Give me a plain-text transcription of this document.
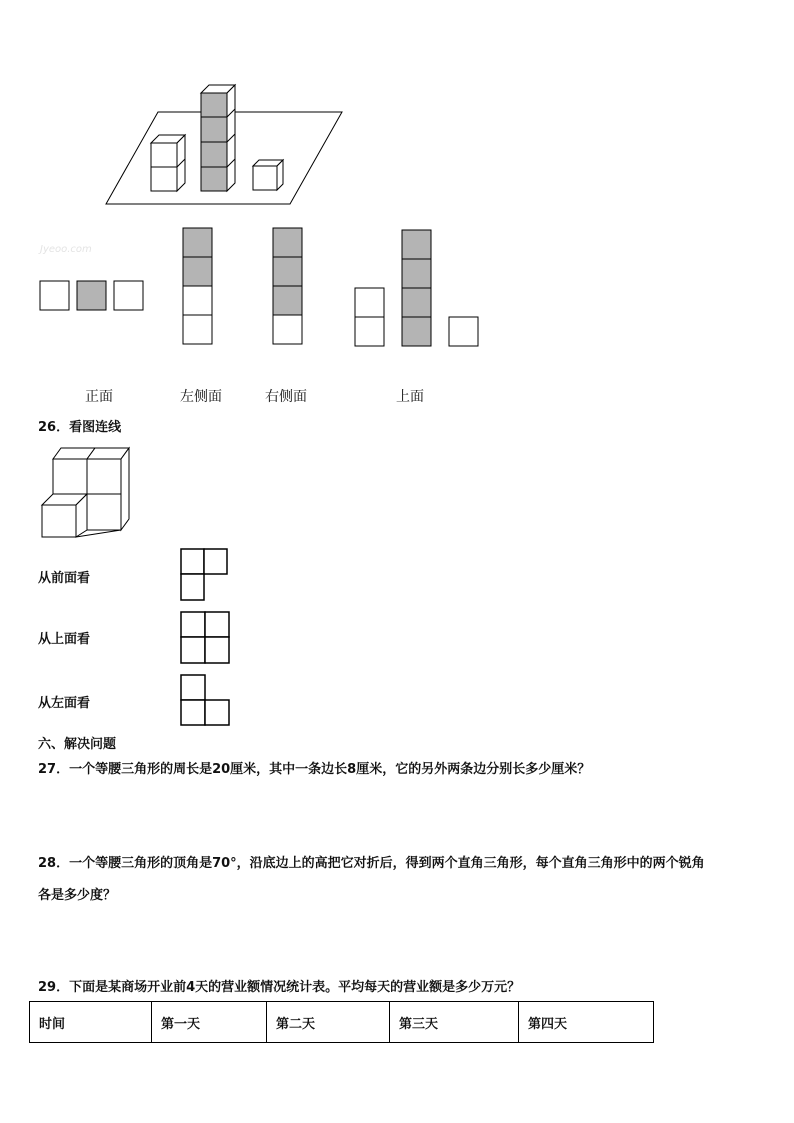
Jyeoo.com
正面	左侧面	右侧面	上面
26．看图连线
从前面看
从上面看
从左面看
六、解决问题
27．一个等腰三角形的周长是20厘米，其中一条边长8厘米，它的另外两条边分别长多少厘米？
28．一个等腰三角形的顶角是70°，沿底边上的高把它对折后，得到两个直角三角形，每个直角三角形中的两个锐角
各是多少度？
29．下面是某商场开业前4天的营业额情况统计表。平均每天的营业额是多少万元？
时间	第一天	第二天	第三天	第四天
